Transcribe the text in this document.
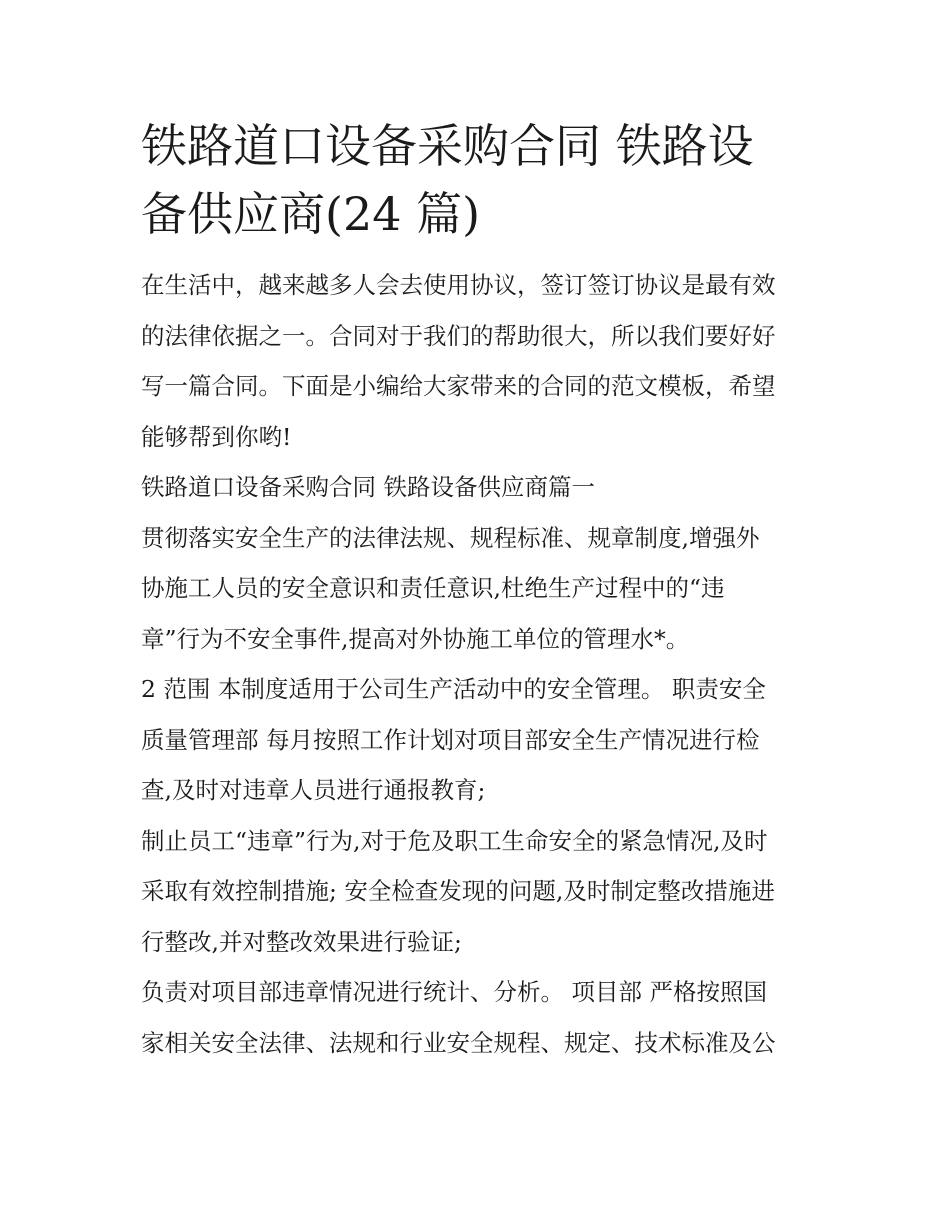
铁路道口设备采购合同 铁路设
备供应商(24 篇)

在生活中，越来越多人会去使用协议，签订签订协议是最有效
的法律依据之一。合同对于我们的帮助很大，所以我们要好好
写一篇合同。下面是小编给大家带来的合同的范文模板，希望
能够帮到你哟!

铁路道口设备采购合同 铁路设备供应商篇一

贯彻落实安全生产的法律法规、规程标准、规章制度,增强外
协施工人员的安全意识和责任意识,杜绝生产过程中的“违
章”行为不安全事件,提高对外协施工单位的管理水*。

2 范围 本制度适用于公司生产活动中的安全管理。 职责安全
质量管理部 每月按照工作计划对项目部安全生产情况进行检
查,及时对违章人员进行通报教育;

制止员工“违章”行为,对于危及职工生命安全的紧急情况,及时
采取有效控制措施; 安全检查发现的问题,及时制定整改措施进
行整改,并对整改效果进行验证;

负责对项目部违章情况进行统计、分析。 项目部 严格按照国
家相关安全法律、法规和行业安全规程、规定、技术标准及公
